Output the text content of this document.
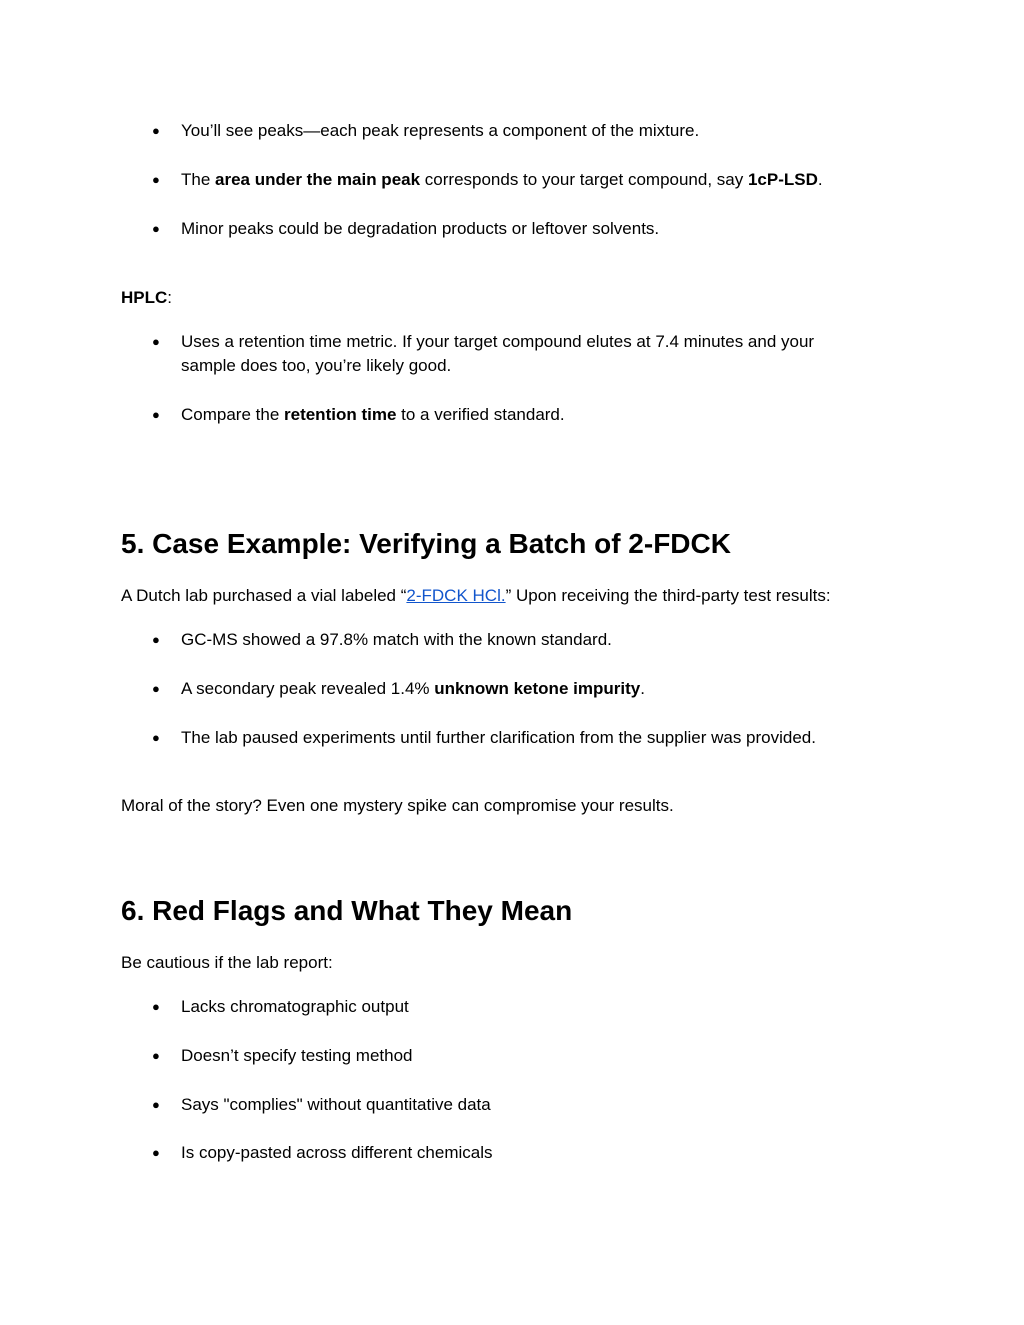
● You’ll see peaks—each peak represents a component of the mixture.
● The area under the main peak corresponds to your target compound, say 1cP-LSD.
● Minor peaks could be degradation products or leftover solvents.

HPLC:

● Uses a retention time metric. If your target compound elutes at 7.4 minutes and your
sample does too, you’re likely good.
● Compare the retention time to a verified standard.
5. Case Example: Verifying a Batch of 2-FDCK

A Dutch lab purchased a vial labeled “2-FDCK HCl.” Upon receiving the third-party test results:

● GC-MS showed a 97.8% match with the known standard.
● A secondary peak revealed 1.4% unknown ketone impurity.
● The lab paused experiments until further clarification from the supplier was provided.

Moral of the story? Even one mystery spike can compromise your results.

6. Red Flags and What They Mean

Be cautious if the lab report:

● Lacks chromatographic output
● Doesn’t specify testing method
● Says "complies" without quantitative data
● Is copy-pasted across different chemicals
